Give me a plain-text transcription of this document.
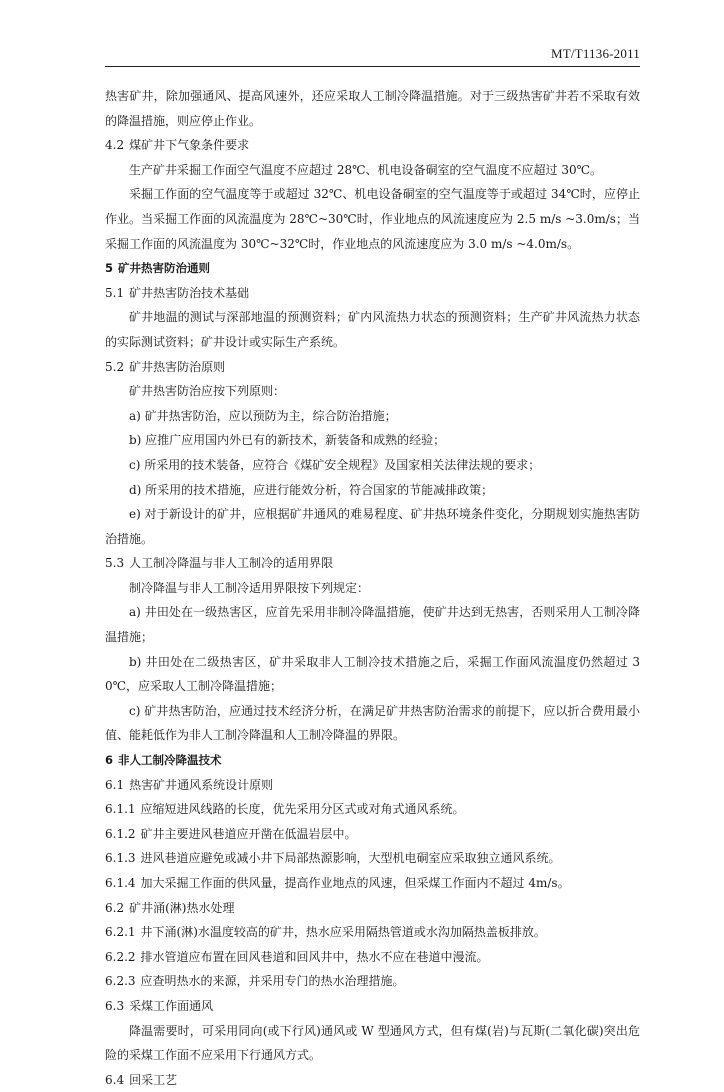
MT/T1136-2011
热害矿井，除加强通风、提高风速外，还应采取人工制冷降温措施。对于三级热害矿井若不采取有效的降温措施，则应停止作业。
4.2 煤矿井下气象条件要求
生产矿井采掘工作面空气温度不应超过 28℃、机电设备硐室的空气温度不应超过 30℃。
采掘工作面的空气温度等于或超过 32℃、机电设备硐室的空气温度等于或超过 34℃时，应停止作业。当采掘工作面的风流温度为 28℃~30℃时，作业地点的风流速度应为 2.5 m/s ~3.0m/s；当采掘工作面的风流温度为 30℃~32℃时，作业地点的风流速度应为 3.0 m/s ~4.0m/s。
5 矿井热害防治通则
5.1 矿井热害防治技术基础
矿井地温的测试与深部地温的预测资料；矿内风流热力状态的预测资料；生产矿井风流热力状态的实际测试资料；矿井设计或实际生产系统。
5.2 矿井热害防治原则
矿井热害防治应按下列原则：
a) 矿井热害防治，应以预防为主，综合防治措施；
b) 应推广应用国内外已有的新技术，新装备和成熟的经验；
c) 所采用的技术装备，应符合《煤矿安全规程》及国家相关法律法规的要求；
d) 所采用的技术措施，应进行能效分析，符合国家的节能减排政策；
e) 对于新设计的矿井，应根据矿井通风的难易程度、矿井热环境条件变化，分期规划实施热害防治措施。
5.3 人工制冷降温与非人工制冷的适用界限
制冷降温与非人工制冷适用界限按下列规定：
a) 井田处在一级热害区，应首先采用非制冷降温措施，使矿井达到无热害，否则采用人工制冷降温措施；
b) 井田处在二级热害区，矿井采取非人工制冷技术措施之后，采掘工作面风流温度仍然超过 30℃，应采取人工制冷降温措施；
c) 矿井热害防治，应通过技术经济分析，在满足矿井热害防治需求的前提下，应以折合费用最小值、能耗低作为非人工制冷降温和人工制冷降温的界限。
6 非人工制冷降温技术
6.1 热害矿井通风系统设计原则
6.1.1 应缩短进风线路的长度，优先采用分区式或对角式通风系统。
6.1.2 矿井主要进风巷道应开凿在低温岩层中。
6.1.3 进风巷道应避免或减小井下局部热源影响，大型机电硐室应采取独立通风系统。
6.1.4 加大采掘工作面的供风量，提高作业地点的风速，但采煤工作面内不超过 4m/s。
6.2 矿井涌(淋)热水处理
6.2.1 井下涌(淋)水温度较高的矿井，热水应采用隔热管道或水沟加隔热盖板排放。
6.2.2 排水管道应布置在回风巷道和回风井中，热水不应在巷道中漫流。
6.2.3 应查明热水的来源，并采用专门的热水治理措施。
6.3 采煤工作面通风
降温需要时，可采用同向(或下行风)通风或 W 型通风方式，但有煤(岩)与瓦斯(二氧化碳)突出危险的采煤工作面不应采用下行通风方式。
6.4 回采工艺
